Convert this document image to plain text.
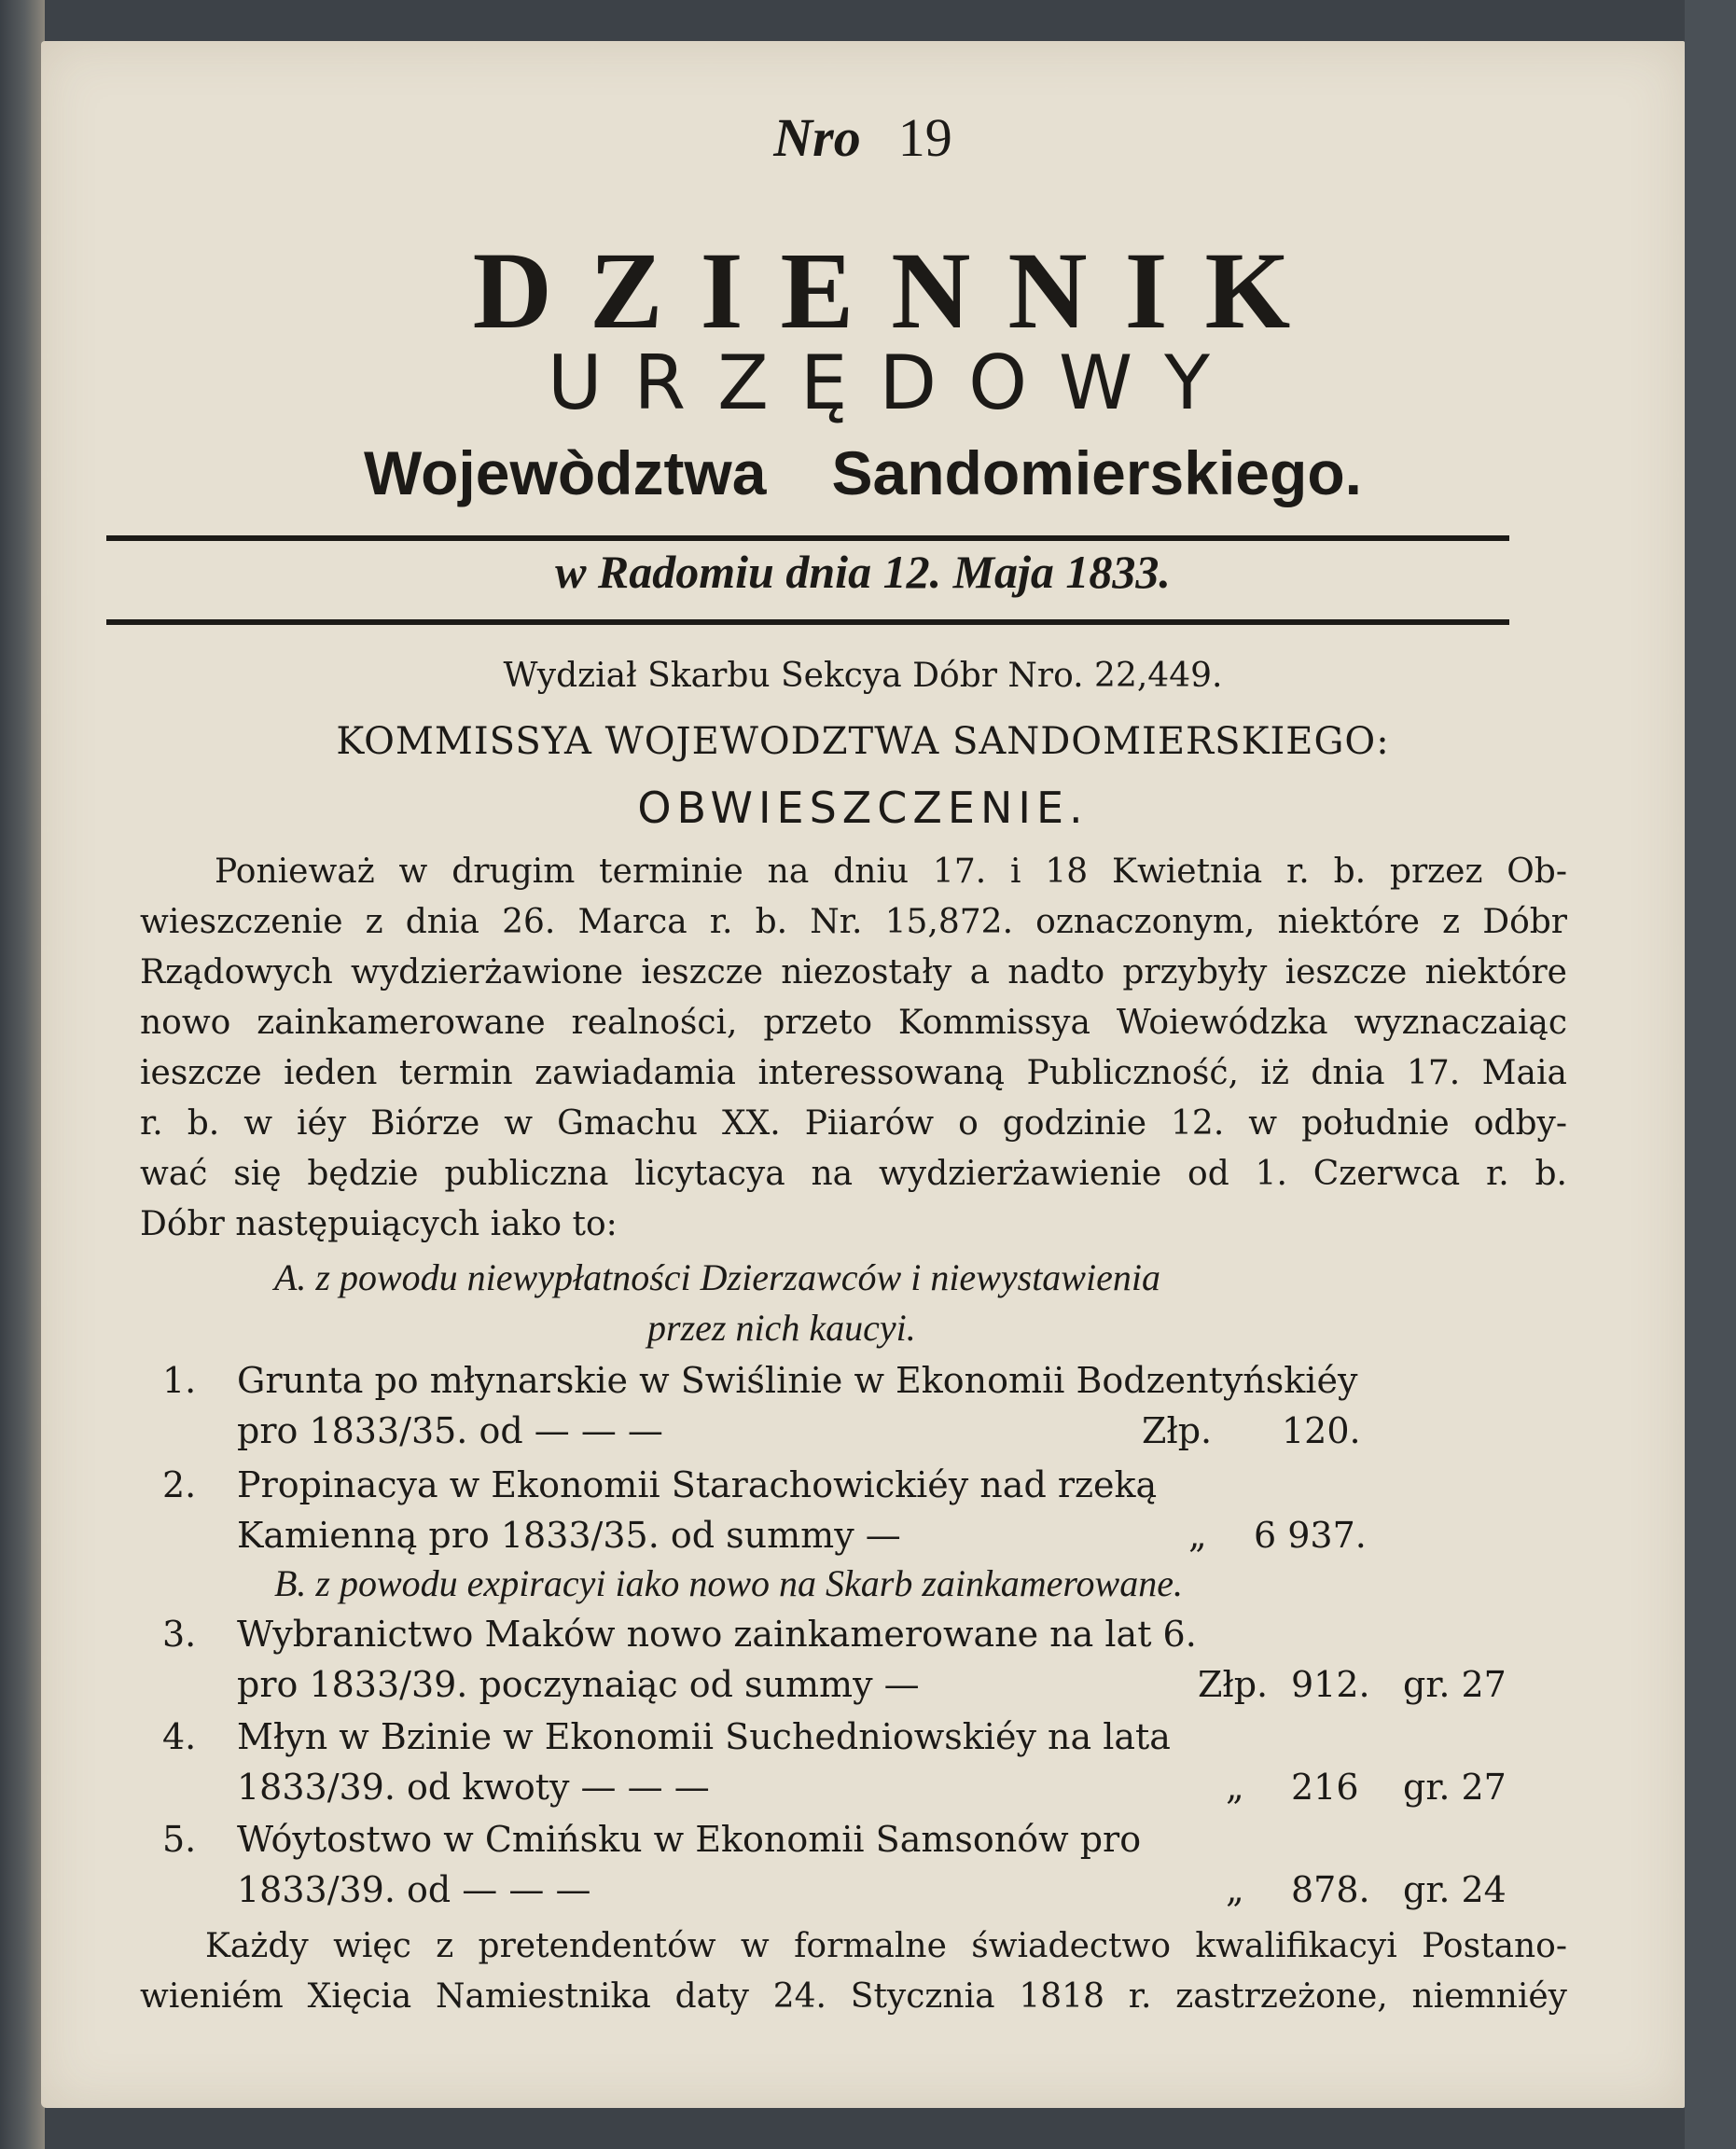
Nro 19
DZIENNIK
URZĘDOWY
Wojewòdztwa Sandomierskiego.
w Radomiu dnia 12. Maja 1833.
Wydział Skarbu Sekcya Dóbr Nro. 22,449.
KOMMISSYA WOJEWODZTWA SANDOMIERSKIEGO:
OBWIESZCZENIE.
Ponieważ w drugim terminie na dniu 17. i 18 Kwietnia r. b. przez Ob-
wieszczenie z dnia 26. Marca r. b. Nr. 15,872. oznaczonym, niektóre z Dóbr
Rządowych wydzierżawione ieszcze niezostały a nadto przybyły ieszcze niektóre
nowo zainkamerowane realności, przeto Kommissya Woiewódzka wyznaczaiąc
ieszcze ieden termin zawiadamia interessowaną Publiczność, iż dnia 17. Maia
r. b. w iéy Biórze w Gmachu XX. Piiarów o godzinie 12. w południe odby-
wać się będzie publiczna licytacya na wydzierżawienie od 1. Czerwca r. b.
Dóbr następuiących iako to:
A. z powodu niewypłatności Dzierzawców i niewystawienia
przez nich kaucyi.
1. Grunta po młynarskie w Swiślinie w Ekonomii Bodzentyńskiéy
pro 1833/35. od — — —	Złp. 120.
2. Propinacya w Ekonomii Starachowickiéy nad rzeką
Kamienną pro 1833/35. od summy —	„ 6 937.
B. z powodu expiracyi iako nowo na Skarb zainkamerowane.
3. Wybranictwo Maków nowo zainkamerowane na lat 6.
pro 1833/39. poczynaiąc od summy —	Złp. 912. gr. 27
4. Młyn w Bzinie w Ekonomii Suchedniowskiéy na lata
1833/39. od kwoty — — —	„ 216 gr. 27
5. Wóytostwo w Cmińsku w Ekonomii Samsonów pro
1833/39. od — — —	„ 878. gr. 24
Każdy więc z pretendentów w formalne świadectwo kwalifikacyi Postano-
wieniém Xięcia Namiestnika daty 24. Stycznia 1818 r. zastrzeżone, niemniéy
